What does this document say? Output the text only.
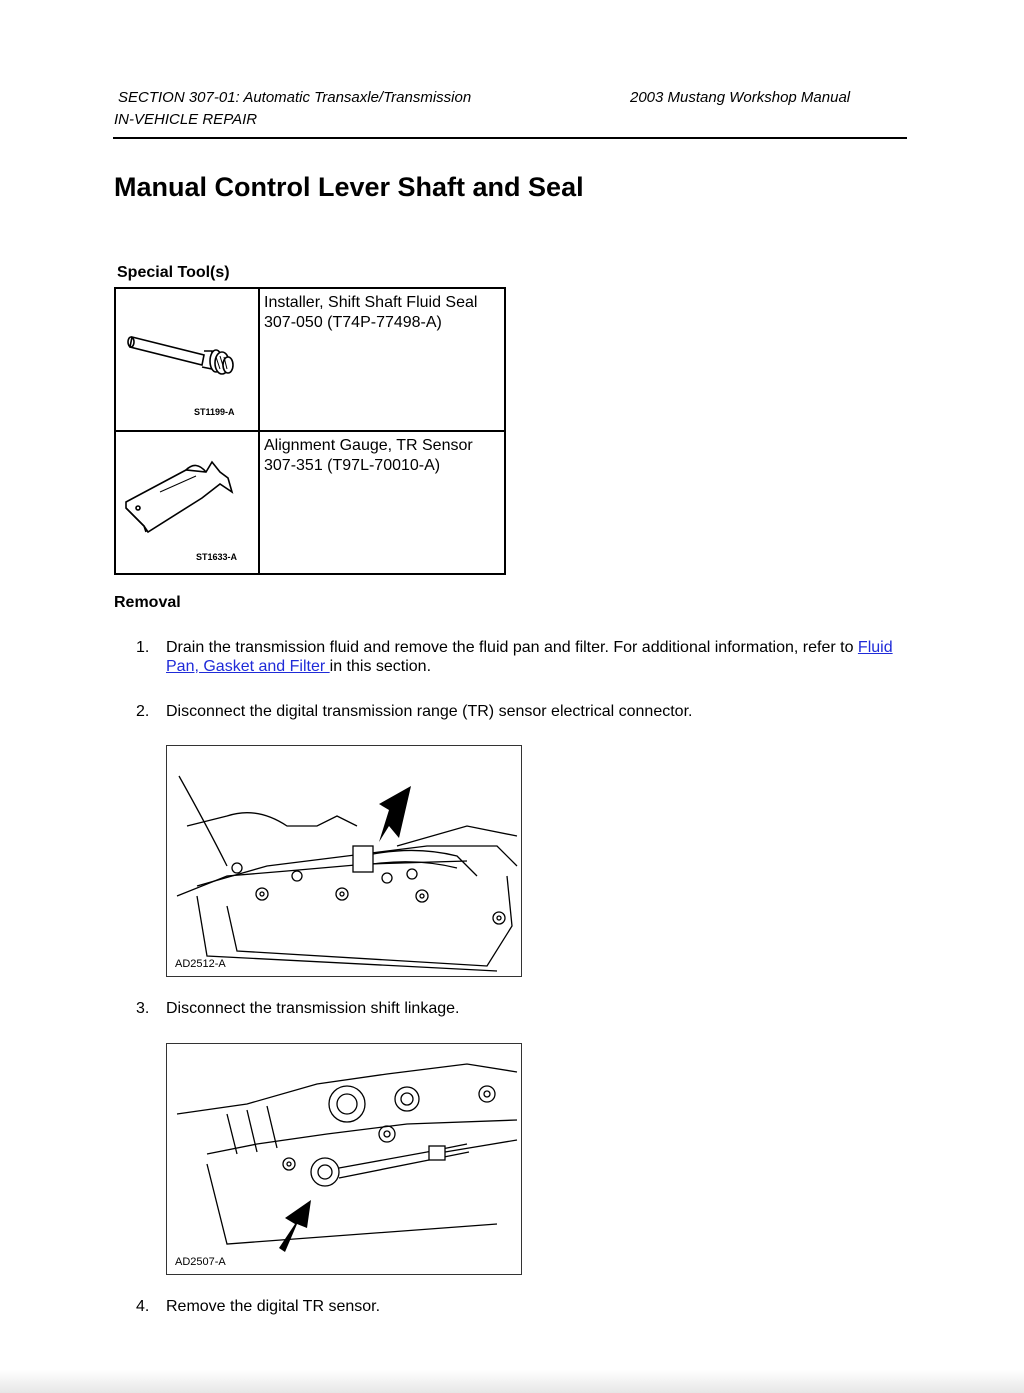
SECTION 307-01: Automatic Transaxle/Transmission
IN-VEHICLE REPAIR
2003 Mustang Workshop Manual
Manual Control Lever Shaft and Seal
Special Tool(s)
ST1199-A	Installer, Shift Shaft Fluid Seal
307-050 (T74P-77498-A)

ST1633-A	Alignment Gauge, TR Sensor
307-351 (T97L-70010-A)
Removal
1. Drain the transmission fluid and remove the fluid pan and filter. For additional information, refer to Fluid Pan, Gasket and Filter in this section.
2. Disconnect the digital transmission range (TR) sensor electrical connector.
AD2512-A
3. Disconnect the transmission shift linkage.
AD2507-A
4. Remove the digital TR sensor.
